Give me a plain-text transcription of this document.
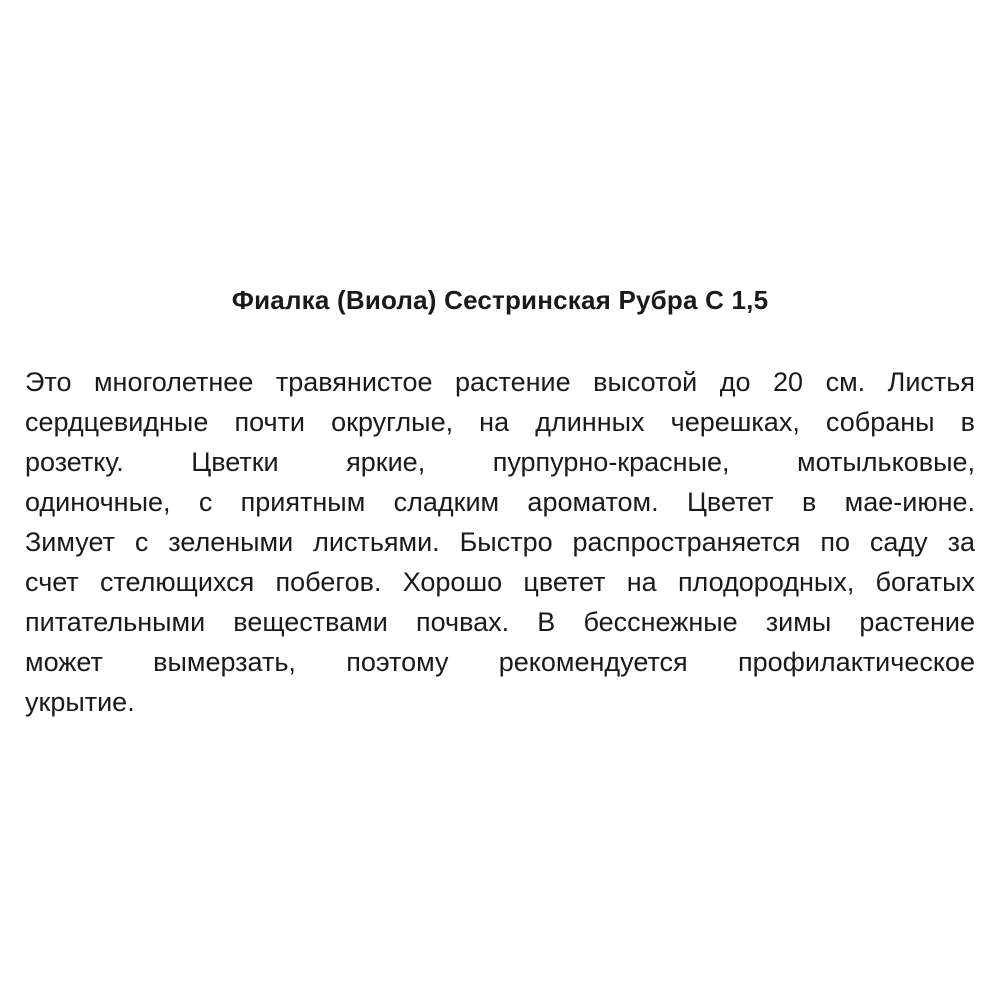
Фиалка (Виола) Сестринская Рубра С 1,5
Это многолетнее травянистое растение высотой до 20 см. Листья
сердцевидные почти округлые, на длинных черешках, собраны в
розетку. Цветки яркие, пурпурно-красные, мотыльковые,
одиночные, с приятным сладким ароматом. Цветет в мае-июне.
Зимует с зелеными листьями. Быстро распространяется по саду за
счет стелющихся побегов. Хорошо цветет на плодородных, богатых
питательными веществами почвах. В бесснежные зимы растение
может вымерзать, поэтому рекомендуется профилактическое
укрытие.
